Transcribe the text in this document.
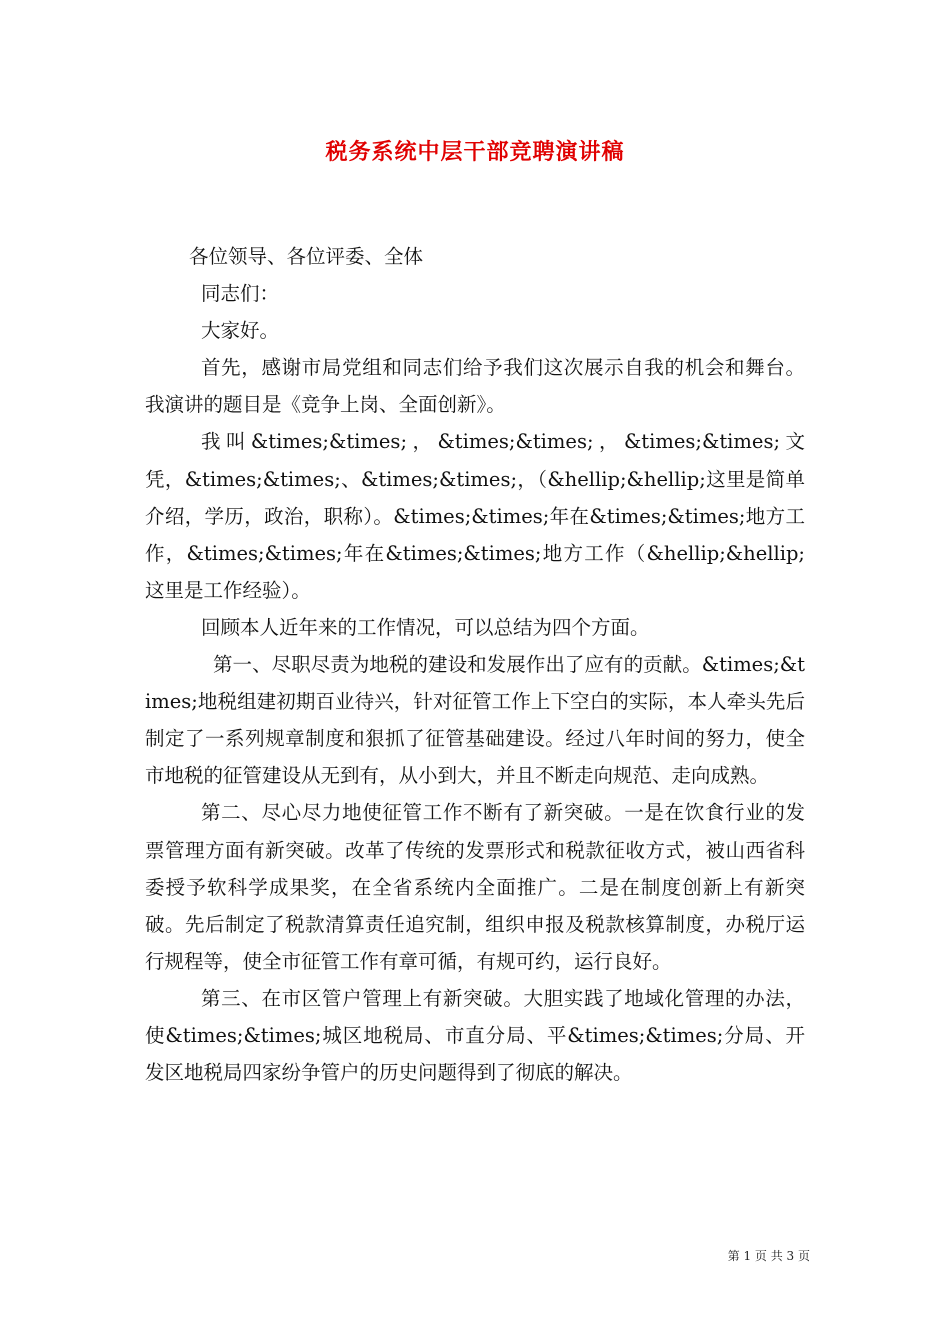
税务系统中层干部竞聘演讲稿

各位领导、各位评委、全体

同志们：

大家好。

首先，感谢市局党组和同志们给予我们这次展示自我的机会和舞台。我演讲的题目是《竞争上岗、全面创新》。

我叫&times;&times;，&times;&times;，&times;&times;文凭，&times;&times;、&times;&times;，（&hellip;&hellip;这里是简单介绍，学历，政治，职称）。&times;&times;年在&times;&times;地方工作，&times;&times;年在&times;&times;地方工作（&hellip;&hellip;这里是工作经验）。

回顾本人近年来的工作情况，可以总结为四个方面。

第一、尽职尽责为地税的建设和发展作出了应有的贡献。&times;&times;地税组建初期百业待兴，针对征管工作上下空白的实际，本人牵头先后制定了一系列规章制度和狠抓了征管基础建设。经过八年时间的努力，使全市地税的征管建设从无到有，从小到大，并且不断走向规范、走向成熟。

第二、尽心尽力地使征管工作不断有了新突破。一是在饮食行业的发票管理方面有新突破。改革了传统的发票形式和税款征收方式，被山西省科委授予软科学成果奖，在全省系统内全面推广。二是在制度创新上有新突破。先后制定了税款清算责任追究制，组织申报及税款核算制度，办税厅运行规程等，使全市征管工作有章可循，有规可约，运行良好。

第三、在市区管户管理上有新突破。大胆实践了地域化管理的办法，使&times;&times;城区地税局、市直分局、平&times;&times;分局、开发区地税局四家纷争管户的历史问题得到了彻底的解决。

第 1 页 共 3 页
